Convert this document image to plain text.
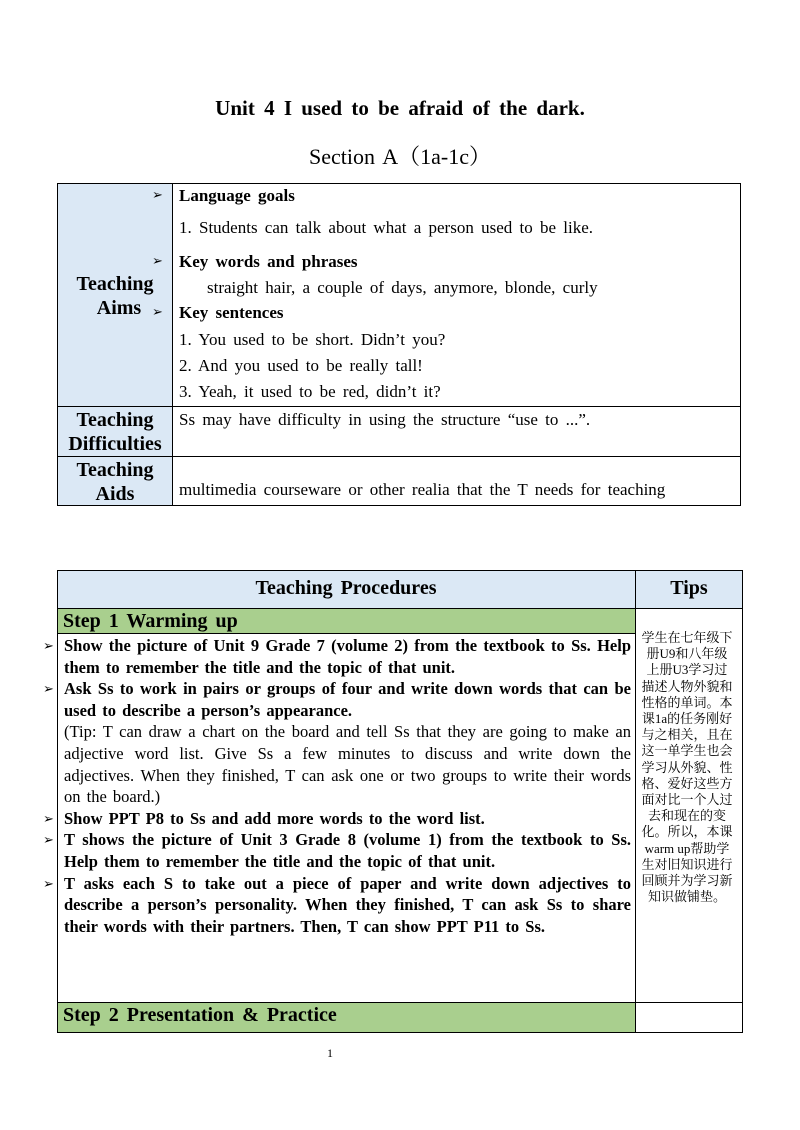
Unit 4 I used to be afraid of the dark.
Section A（1a-1c）
➢
➢
➢
Teaching
Aims
Language goals
1. Students can talk about what a person used to be like.
Key words and phrases
straight hair, a couple of days, anymore, blonde, curly
Key sentences
1. You used to be short. Didn’t you?
2. And you used to be really tall!
3. Yeah, it used to be red, didn’t it?
Teaching
Difficulties
Ss may have difficulty in using the structure “use to ...”.
Teaching
Aids	multimedia courseware or other realia that the T needs for teaching
Teaching Procedures	Tips
Step 1 Warming up

➢ Show the picture of Unit 9 Grade 7 (volume 2) from the textbook to Ss. Help them to remember the title and the topic of that unit.

➢ Ask Ss to work in pairs or groups of four and write down words that can be used to describe a person’s appearance.

(Tip: T can draw a chart on the board and tell Ss that they are going to make an adjective word list. Give Ss a few minutes to discuss and write down the adjectives. When they finished, T can ask one or two groups to write their words on the board.)

➢ Show PPT P8 to Ss and add more words to the word list.

➢ T shows the picture of Unit 3 Grade 8 (volume 1) from the textbook to Ss. Help them to remember the title and the topic of that unit.

➢ T asks each S to take out a piece of paper and write down adjectives to describe a person’s personality. When they finished, T can ask Ss to share their words with their partners. Then, T can show PPT P11 to Ss.

学生在七年级下册U9和八年级上册U3学习过描述人物外貌和性格的单词。本课1a的任务刚好与之相关，且在这一单学生也会学习从外貌、性格、爱好这些方面对比一个人过去和现在的变化。所以，本课warm up帮助学生对旧知识进行回顾并为学习新知识做铺垫。
Step 2 Presentation & Practice
1
